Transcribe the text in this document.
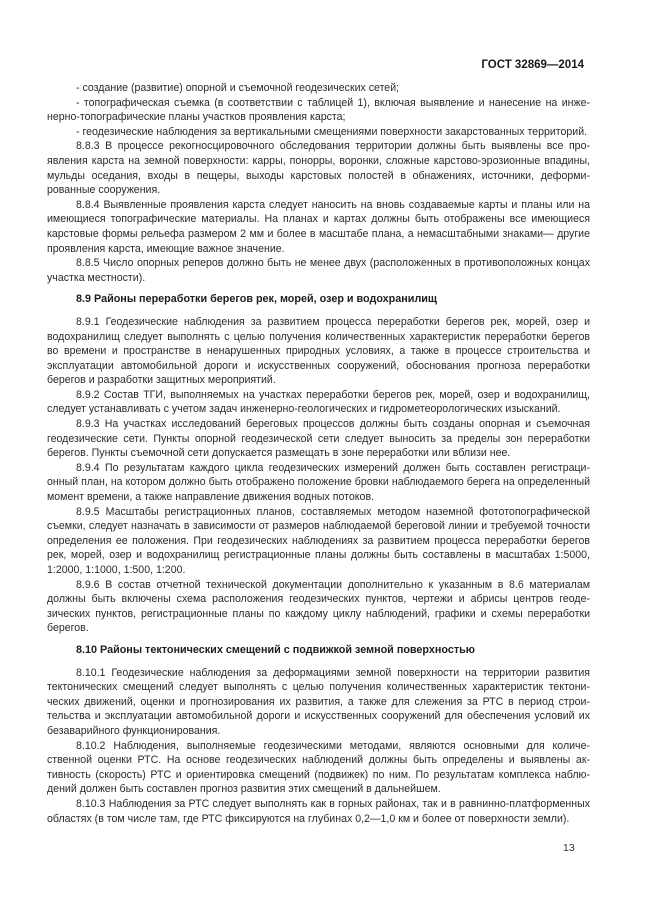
ГОСТ 32869—2014

- создание (развитие) опорной и съемочной геодезических сетей;

- топографическая съемка (в соответствии с таблицей 1), включая выявление и нанесение на инженерно-топографические планы участков проявления карста;

- геодезические наблюдения за вертикальными смещениями поверхности закарстованных территорий.

8.8.3 В процессе рекогносцировочного обследования территории должны быть выявлены все проявления карста на земной поверхности: карры, понорры, воронки, сложные карстово-эрозионные впадины, мульды оседания, входы в пещеры, выходы карстовых полостей в обнажениях, источники, деформированные сооружения.

8.8.4 Выявленные проявления карста следует наносить на вновь создаваемые карты и планы или на имеющиеся топографические материалы. На планах и картах должны быть отображены все имеющиеся карстовые формы рельефа размером 2 мм и более в масштабе плана, а немасштабными знаками— другие проявления карста, имеющие важное значение.

8.8.5 Число опорных реперов должно быть не менее двух (расположенных в противоположных концах участка местности).

8.9 Районы переработки берегов рек, морей, озер и водохранилищ

8.9.1 Геодезические наблюдения за развитием процесса переработки берегов рек, морей, озер и водохранилищ следует выполнять с целью получения количественных характеристик переработки берегов во времени и пространстве в ненарушенных природных условиях, а также в процессе строительства и эксплуатации автомобильной дороги и искусственных сооружений, обоснования прогноза переработки берегов и разработки защитных мероприятий.

8.9.2 Состав ТГИ, выполняемых на участках переработки берегов рек, морей, озер и водохранилищ, следует устанавливать с учетом задач инженерно-геологических и гидрометеорологических изысканий.

8.9.3 На участках исследований береговых процессов должны быть созданы опорная и съемочная геодезические сети. Пункты опорной геодезической сети следует выносить за пределы зон переработки берегов. Пункты съемочной сети допускается размещать в зоне переработки или вблизи нее.

8.9.4 По результатам каждого цикла геодезических измерений должен быть составлен регистрационный план, на котором должно быть отображено положение бровки наблюдаемого берега на определенный момент времени, а также направление движения водных потоков.

8.9.5 Масштабы регистрационных планов, составляемых методом наземной фототопографической съемки, следует назначать в зависимости от размеров наблюдаемой береговой линии и требуемой точности определения ее положения. При геодезических наблюдениях за развитием процесса переработки берегов рек, морей, озер и водохранилищ регистрационные планы должны быть составлены в масштабах 1:5000, 1:2000, 1:1000, 1:500, 1:200.

8.9.6 В состав отчетной технической документации дополнительно к указанным в 8.6 материалам должны быть включены схема расположения геодезических пунктов, чертежи и абрисы центров геодезических пунктов, регистрационные планы по каждому циклу наблюдений, графики и схемы переработки берегов.

8.10 Районы тектонических смещений с подвижкой земной поверхностью

8.10.1 Геодезические наблюдения за деформациями земной поверхности на территории развития тектонических смещений следует выполнять с целью получения количественных характеристик тектонических движений, оценки и прогнозирования их развития, а также для слежения за РТС в период строительства и эксплуатации автомобильной дороги и искусственных сооружений для обеспечения условий их безаварийного функционирования.

8.10.2 Наблюдения, выполняемые геодезическими методами, являются основными для количественной оценки РТС. На основе геодезических наблюдений должны быть определены и выявлены активность (скорость) РТС и ориентировка смещений (подвижек) по ним. По результатам комплекса наблюдений должен быть составлен прогноз развития этих смещений в дальнейшем.

8.10.3 Наблюдения за РТС следует выполнять как в горных районах, так и в равнинно-платформенных областях (в том числе там, где РТС фиксируются на глубинах 0,2—1,0 км и более от поверхности земли).

13
